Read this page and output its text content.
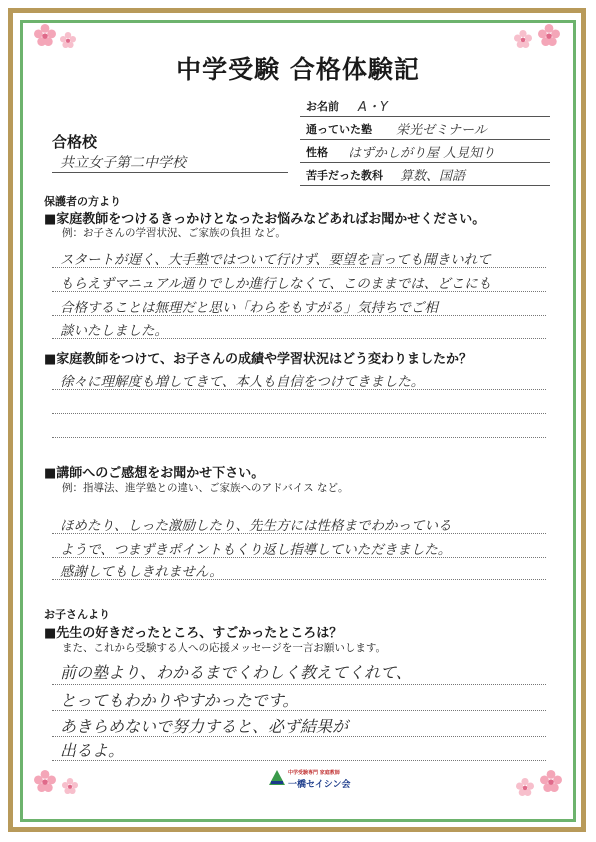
中学受験 合格体験記
お名前 A・Y
通っていた塾 栄光ゼミナール
性格 はずかしがり屋 人見知り
苦手だった教科 算数、国語
合格校
共立女子第二中学校
保護者の方より
■家庭教師をつけるきっかけとなったお悩みなどあればお聞かせください。
例：お子さんの学習状況、ご家族の負担 など。
スタートが遅く、大手塾ではついて行けず、要望を言っても聞きいれて
もらえずマニュアル通りでしか進行しなくて、このままでは、どこにも
合格することは無理だと思い「わらをもすがる」気持ちでご相
談いたしました。
■家庭教師をつけて、お子さんの成績や学習状況はどう変わりましたか？
徐々に理解度も増してきて、本人も自信をつけてきました。
■講師へのご感想をお聞かせ下さい。
例：指導法、進学塾との違い、ご家族へのアドバイス など。
ほめたり、しった激励したり、先生方には性格までわかっている
ようで、つまずきポイントもくり返し指導していただきました。
感謝してもしきれません。
お子さんより
■先生の好きだったところ、すごかったところは？
また、これから受験する人への応援メッセージを一言お願いします。
前の塾より、わかるまでくわしく教えてくれて、
とってもわかりやすかったです。
あきらめないで努力すると、必ず結果が
出るよ。
中学受験専門 家庭教師
一橋セイシン会
